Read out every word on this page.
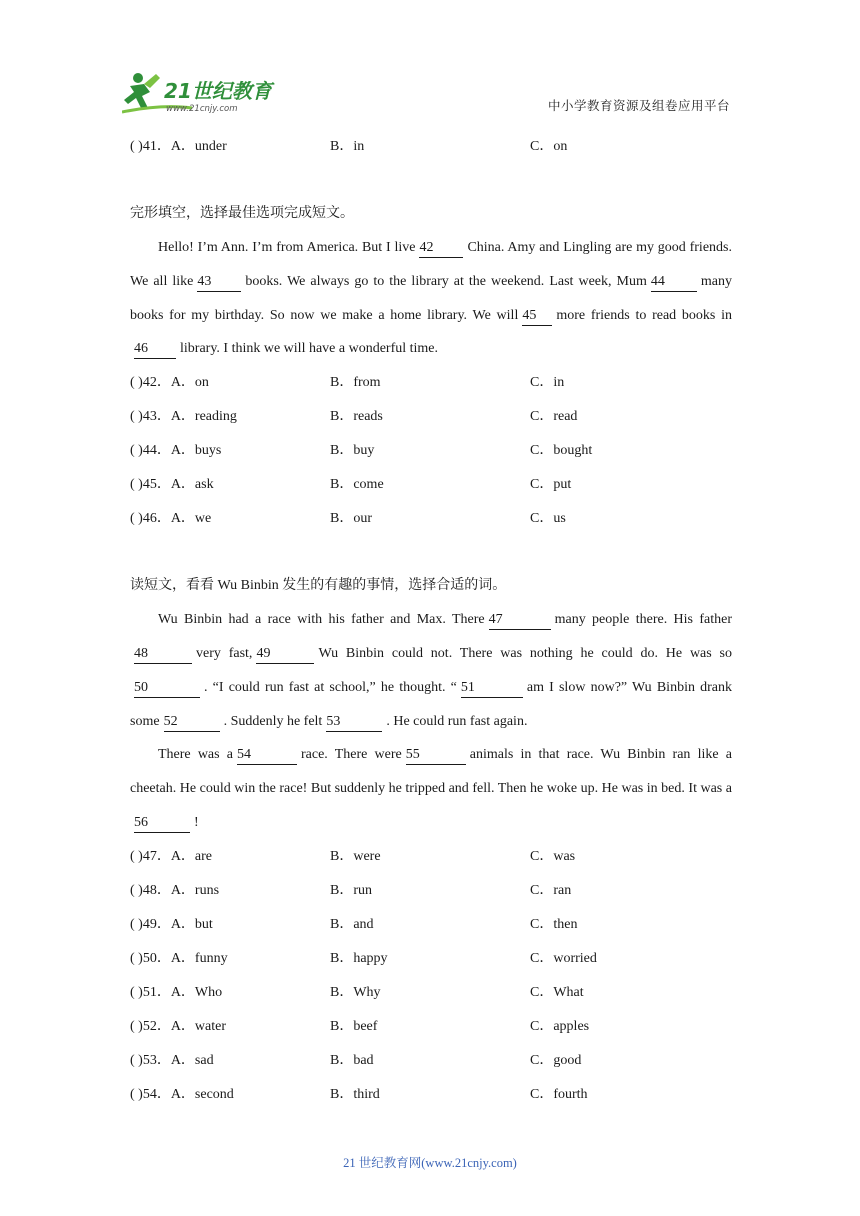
21世纪教育
www.21cnjy.com	中小学教育资源及组卷应用平台
( )41．A．under	B．in	C．on
完形填空，选择最佳选项完成短文。

Hello! I’m Ann. I’m from America. But I live 42 China. Amy and Lingling are my good friends. We all like 43 books. We always go to the library at the weekend. Last week, Mum 44	many books for my birthday. So now we make a home library. We will 45 more friends to read books in46 library. I think we will have a wonderful time.

( )42．A．on	B．from	C．in
( )43．A．reading	B．reads	C．read
( )44．A．buys	B．buy	C．bought
( )45．A．ask	B．come	C．put
( )46．A．we	B．our	C．us
读短文，看看 Wu Binbin 发生的有趣的事情，选择合适的词。

Wu Binbin had a race with his father and Max. There 47	many people there. His father48	very fast, 49	Wu Binbin could not. There was nothing he could do. He was so50	. “I could run fast at school,” he thought. “ 51	am I slow now?” Wu Binbin drank some 52	. Suddenly he felt 53	. He could run fast again.

There was a 54	race. There were 55	animals in that race. Wu Binbin ran like a cheetah. He could win the race! But suddenly he tripped and fell. Then he woke up. He was in bed. It was a56	!

( )47．A．are	B．were	C．was
( )48．A．runs	B．run	C．ran
( )49．A．but	B．and	C．then
( )50．A．funny	B．happy	C．worried
( )51．A．Who	B．Why	C．What
( )52．A．water	B．beef	C．apples
( )53．A．sad	B．bad	C．good
( )54．A．second	B．third	C．fourth
21 世纪教育网(www.21cnjy.com)
